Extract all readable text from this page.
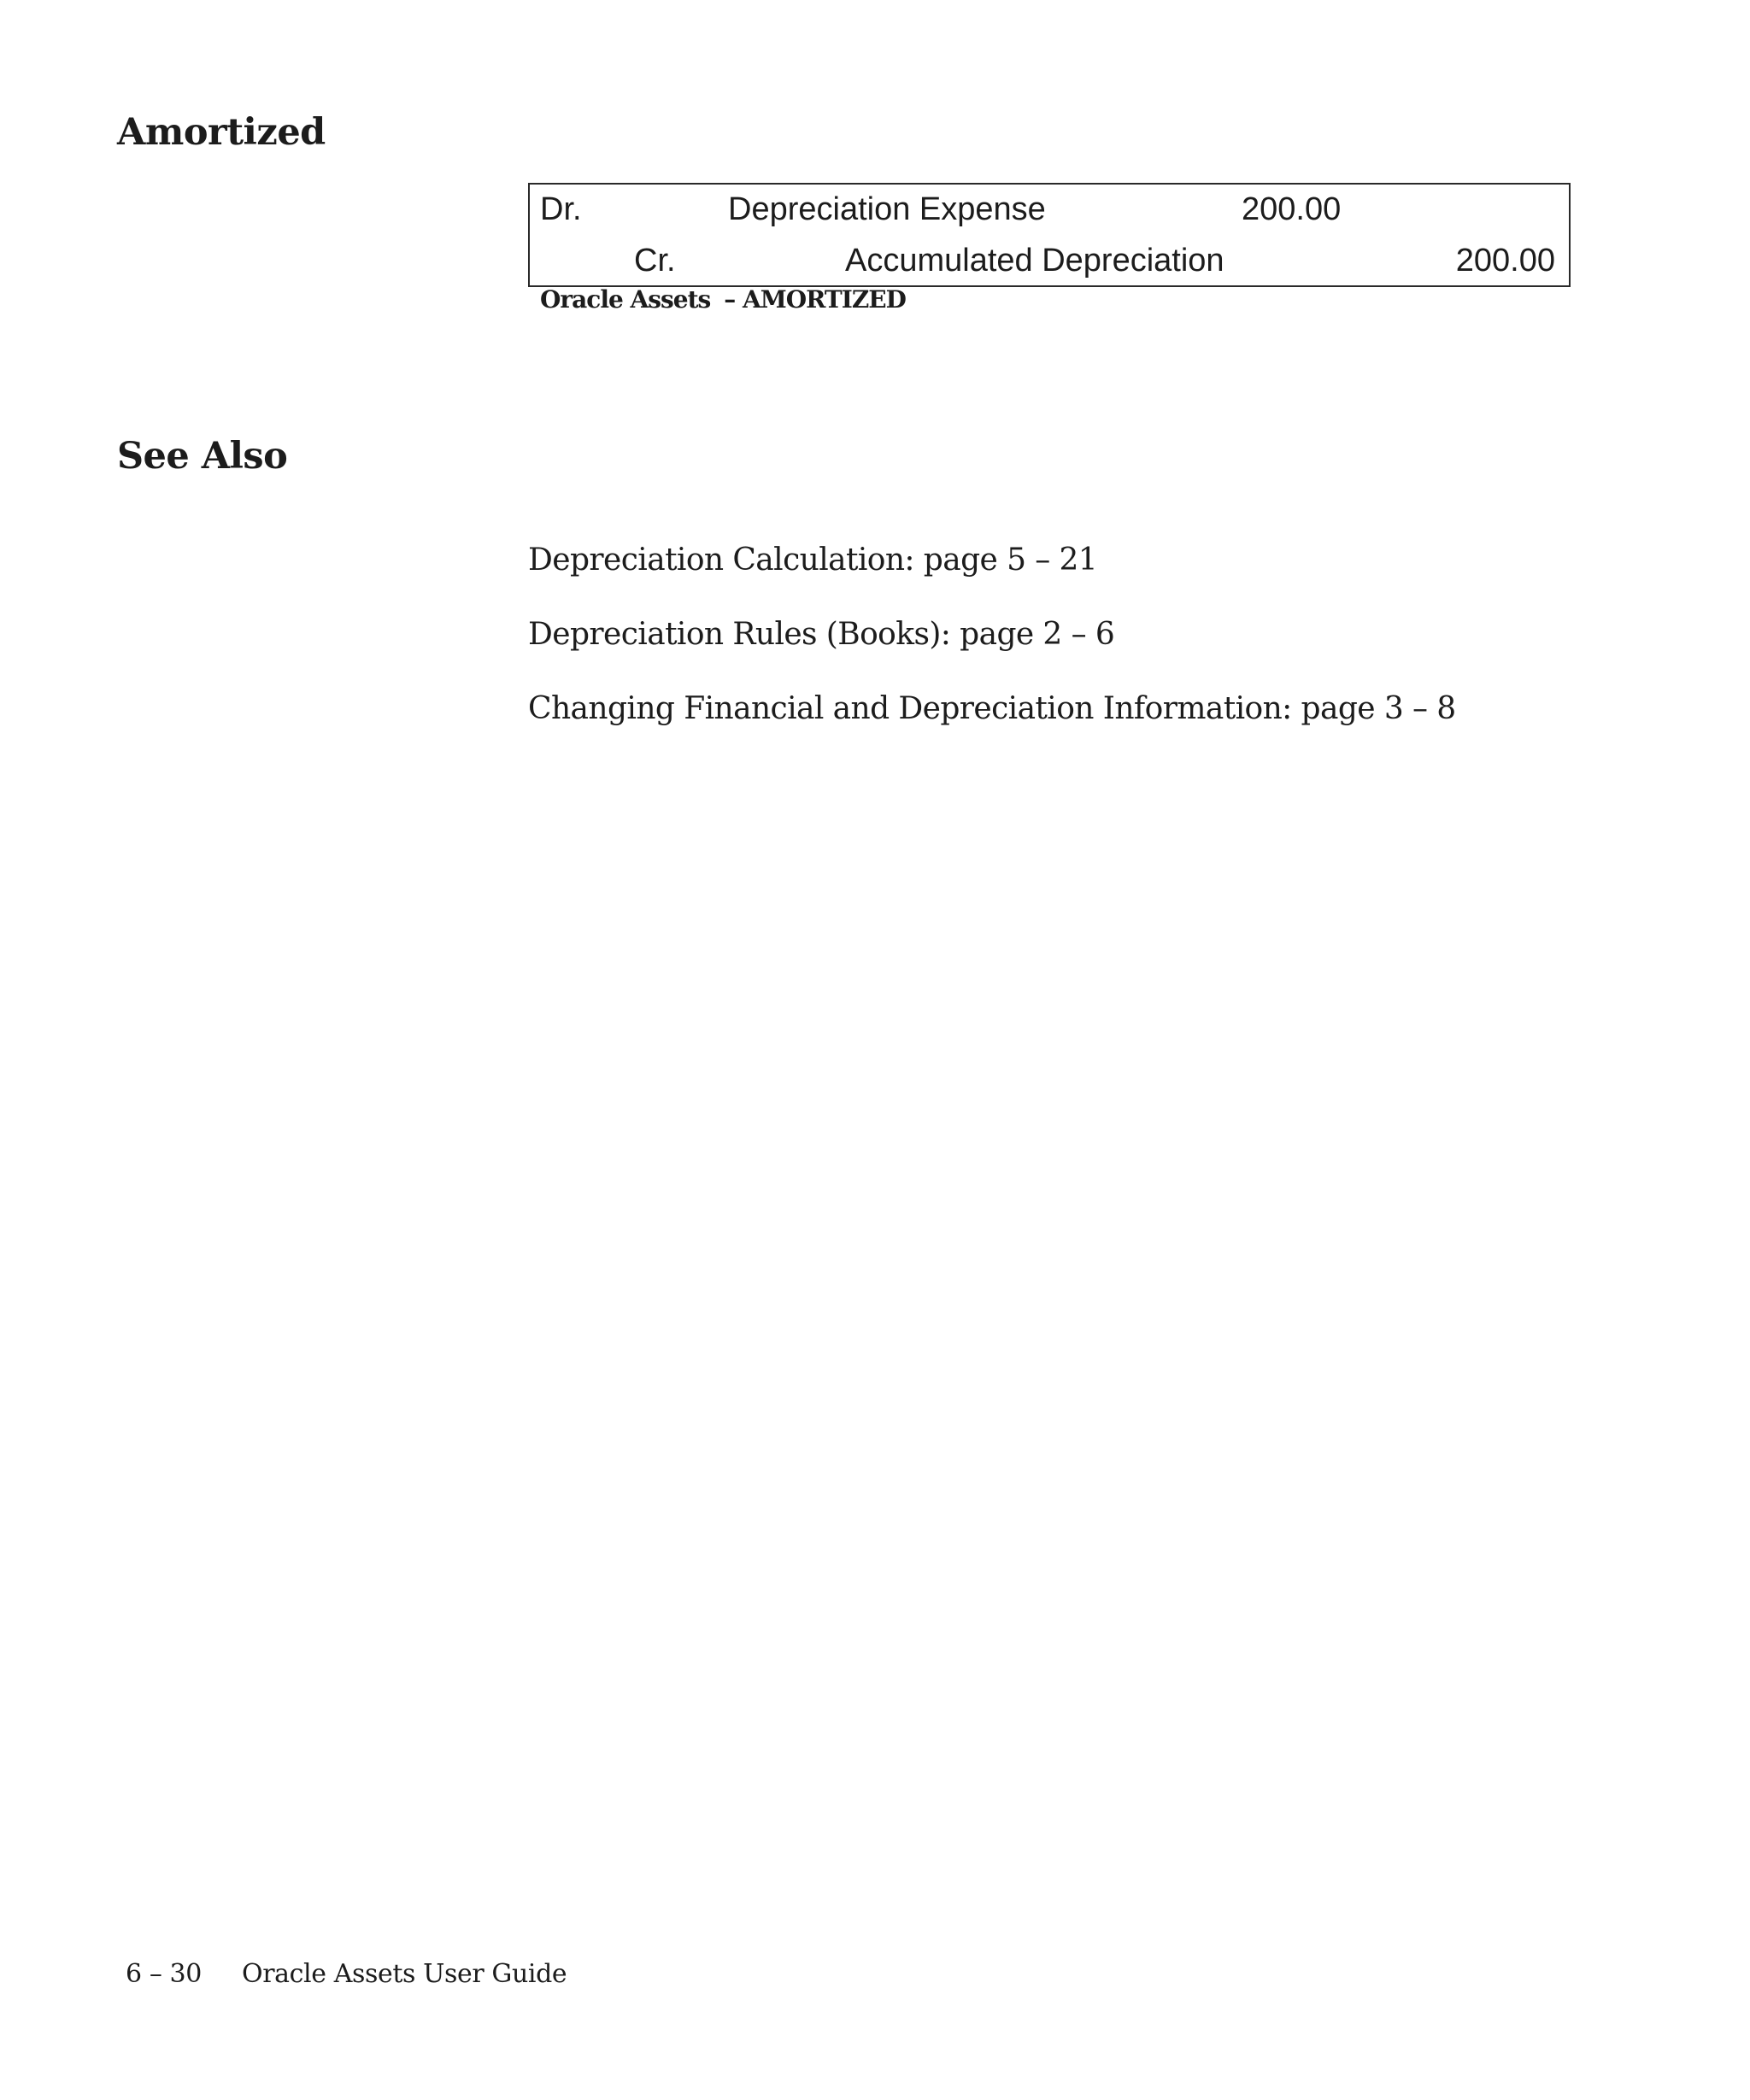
Amortized
Dr.	Depreciation Expense	200.00
Cr.	Accumulated Depreciation	200.00
Oracle Assets – AMORTIZED
See Also
Depreciation Calculation: page 5 – 21
Depreciation Rules (Books): page 2 – 6
Changing Financial and Depreciation Information: page 3 – 8
6 – 30 Oracle Assets User Guide
